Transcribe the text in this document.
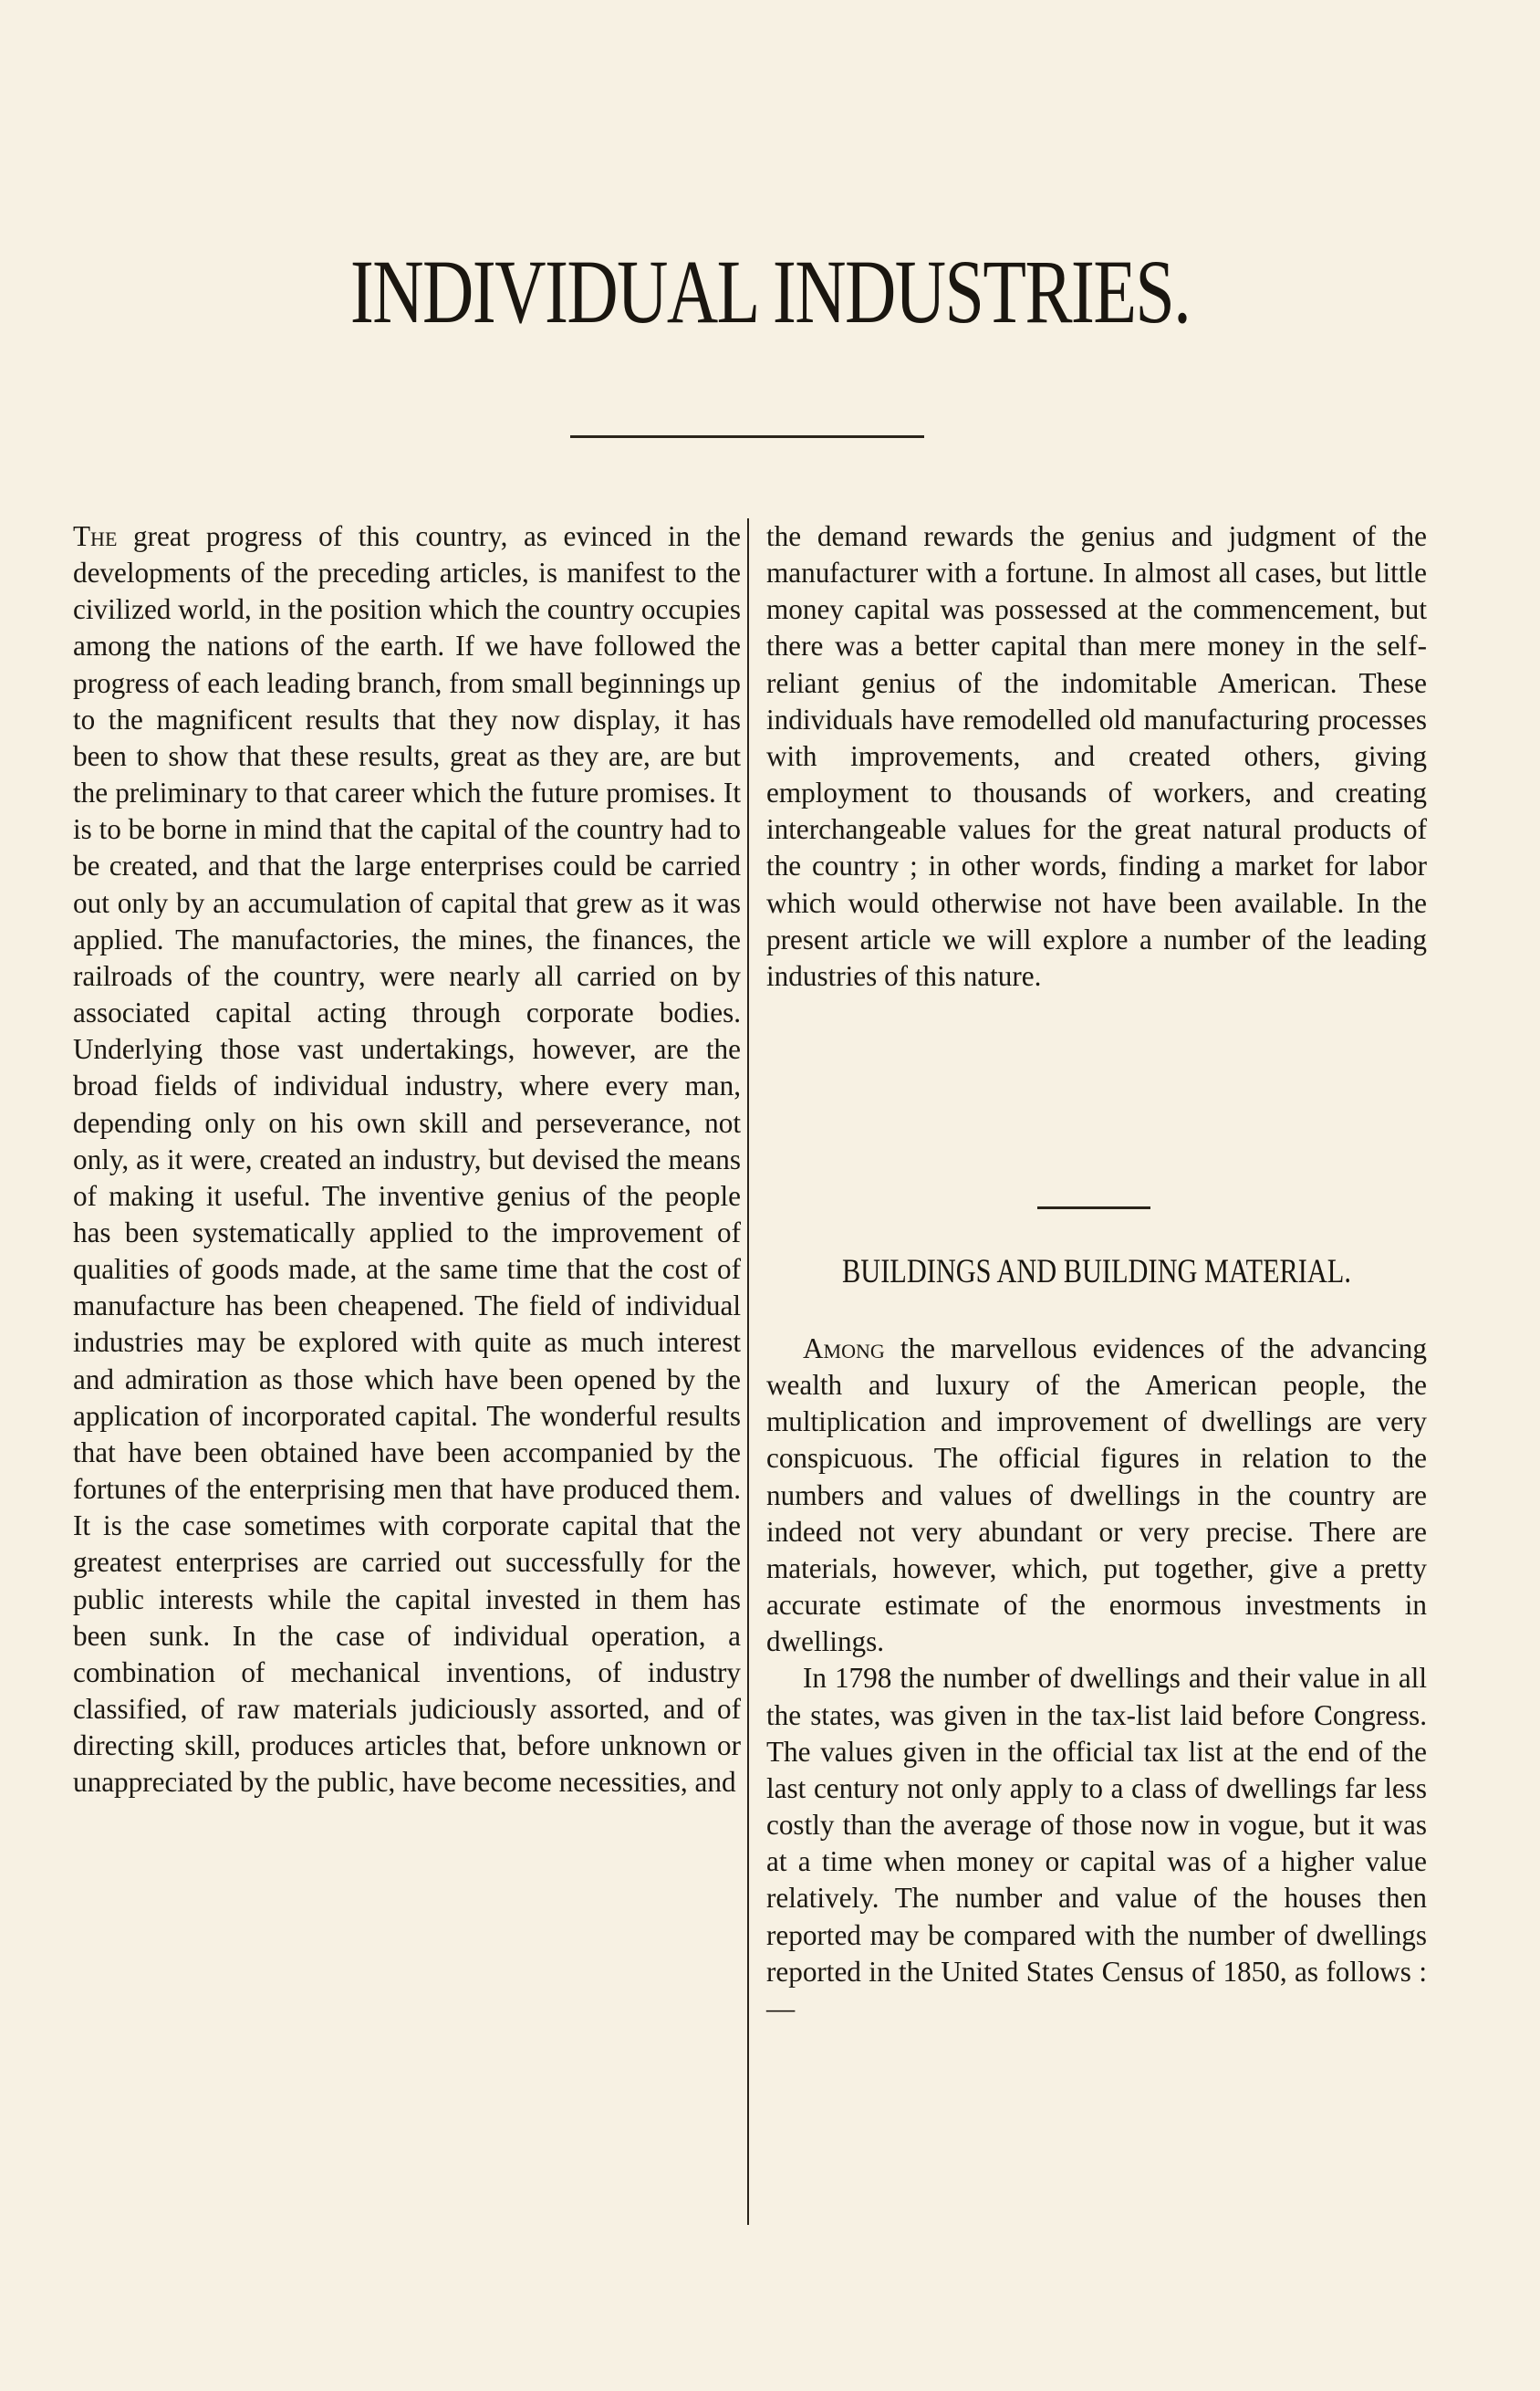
INDIVIDUAL INDUSTRIES.

The great progress of this country, as evinced in the developments of the preceding articles, is manifest to the civilized world, in the position which the country occupies among the nations of the earth. If we have followed the progress of each leading branch, from small beginnings up to the magnificent results that they now display, it has been to show that these results, great as they are, are but the preliminary to that career which the future promises. It is to be borne in mind that the capital of the country had to be created, and that the large enterprises could be carried out only by an accumulation of capital that grew as it was applied. The manufactories, the mines, the finances, the railroads of the country, were nearly all carried on by associated capital acting through corporate bodies. Underlying those vast undertakings, however, are the broad fields of individual industry, where every man, depending only on his own skill and perseverance, not only, as it were, created an industry, but devised the means of making it useful. The inventive genius of the people has been systematically applied to the improvement of qualities of goods made, at the same time that the cost of manufacture has been cheapened. The field of individual industries may be explored with quite as much interest and admiration as those which have been opened by the application of incorporated capital. The wonderful results that have been obtained have been accompanied by the fortunes of the enterprising men that have produced them. It is the case sometimes with corporate capital that the greatest enterprises are carried out successfully for the public interests while the capital invested in them has been sunk. In the case of individual operation, a combination of mechanical inventions, of industry classified, of raw materials judiciously assorted, and of directing skill, produces articles that, before unknown or unappreciated by the public, have become necessities, and

the demand rewards the genius and judgment of the manufacturer with a fortune. In almost all cases, but little money capital was possessed at the commencement, but there was a better capital than mere money in the self-reliant genius of the indomitable American. These individuals have remodelled old manufacturing processes with improvements, and created others, giving employment to thousands of workers, and creating interchangeable values for the great natural products of the country ; in other words, finding a market for labor which would otherwise not have been available. In the present article we will explore a number of the leading industries of this nature.

BUILDINGS AND BUILDING MATERIAL.

Among the marvellous evidences of the advancing wealth and luxury of the American people, the multiplication and improvement of dwellings are very conspicuous. The official figures in relation to the numbers and values of dwellings in the country are indeed not very abundant or very precise. There are materials, however, which, put together, give a pretty accurate estimate of the enormous investments in dwellings.

In 1798 the number of dwellings and their value in all the states, was given in the tax-list laid before Congress. The values given in the official tax list at the end of the last century not only apply to a class of dwellings far less costly than the average of those now in vogue, but it was at a time when money or capital was of a higher value relatively. The number and value of the houses then reported may be compared with the number of dwellings reported in the United States Census of 1850, as follows :—
